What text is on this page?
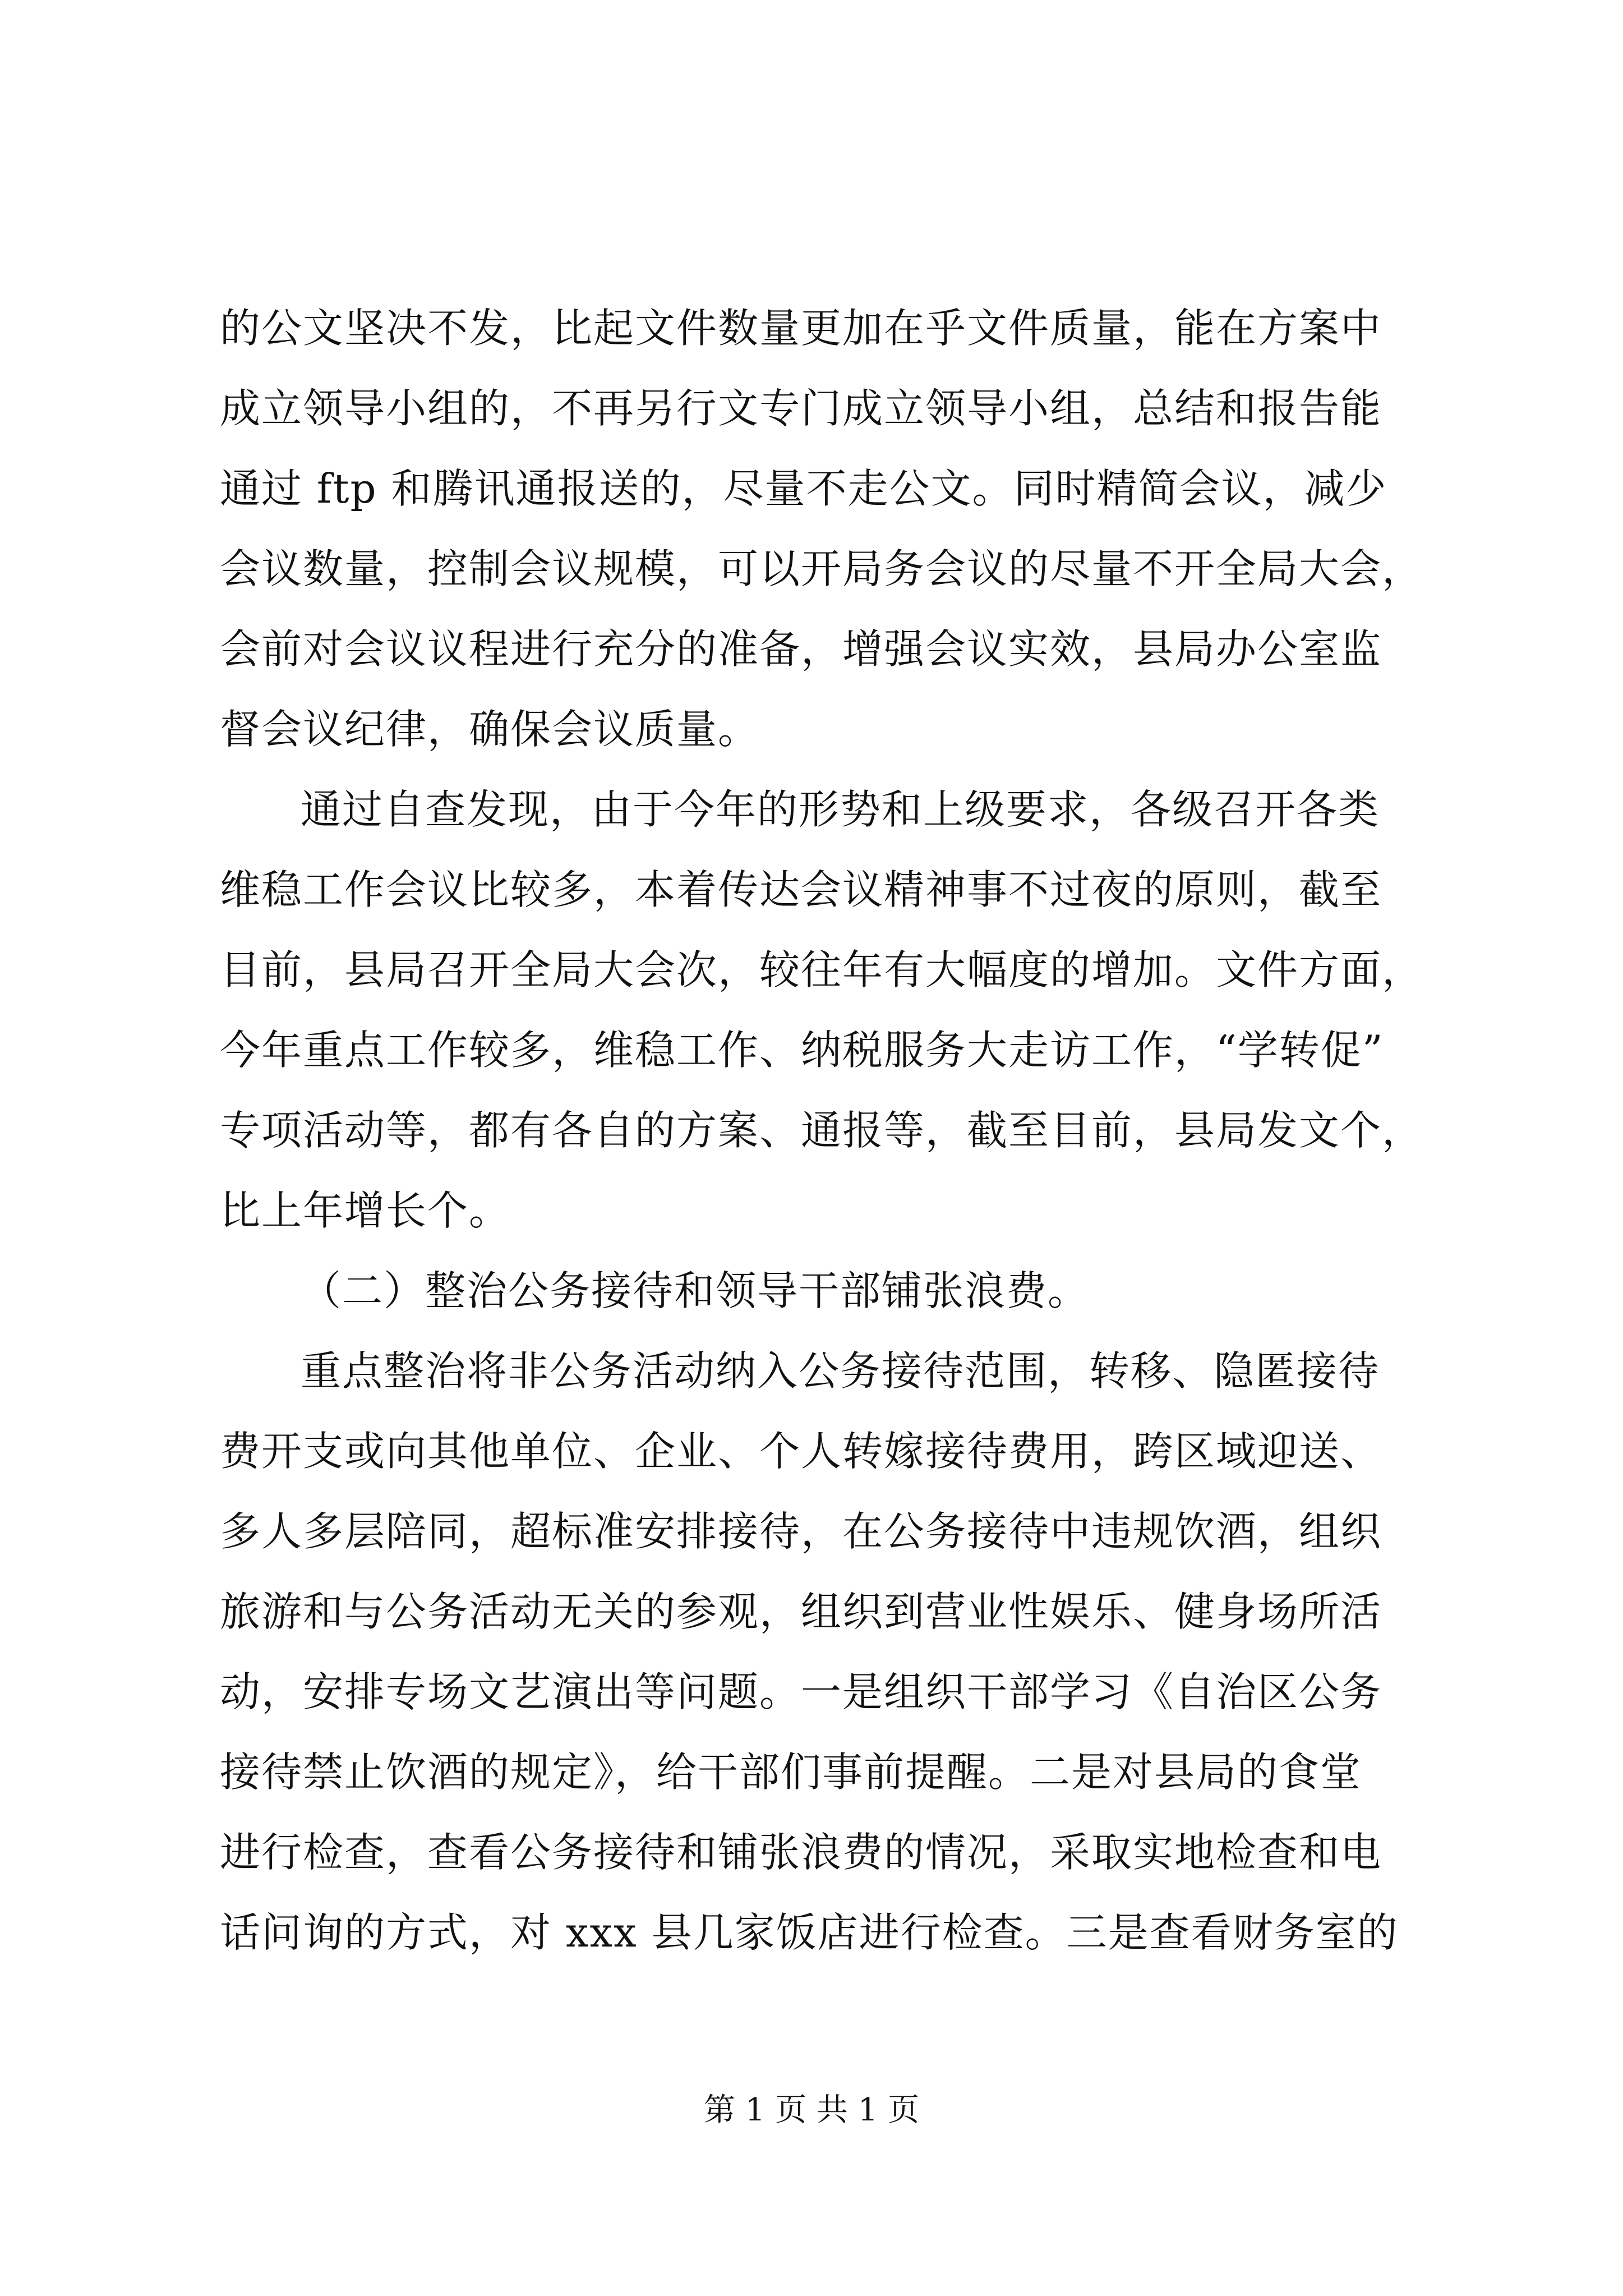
的公文坚决不发，比起文件数量更加在乎文件质量，能在方案中
成立领导小组的，不再另行文专门成立领导小组，总结和报告能
通过 ftp 和腾讯通报送的，尽量不走公文。同时精简会议，减少
会议数量，控制会议规模，可以开局务会议的尽量不开全局大会，
会前对会议议程进行充分的准备，增强会议实效，县局办公室监
督会议纪律，确保会议质量。
通过自查发现，由于今年的形势和上级要求，各级召开各类
维稳工作会议比较多，本着传达会议精神事不过夜的原则，截至
目前，县局召开全局大会次，较往年有大幅度的增加。文件方面，
今年重点工作较多，维稳工作、纳税服务大走访工作，“学转促”
专项活动等，都有各自的方案、通报等，截至目前，县局发文个，
比上年增长个。
（二）整治公务接待和领导干部铺张浪费。
重点整治将非公务活动纳入公务接待范围，转移、隐匿接待
费开支或向其他单位、企业、个人转嫁接待费用，跨区域迎送、
多人多层陪同，超标准安排接待，在公务接待中违规饮酒，组织
旅游和与公务活动无关的参观，组织到营业性娱乐、健身场所活
动，安排专场文艺演出等问题。一是组织干部学习《自治区公务
接待禁止饮酒的规定》，给干部们事前提醒。二是对县局的食堂
进行检查，查看公务接待和铺张浪费的情况，采取实地检查和电
话问询的方式，对 xxx 县几家饭店进行检查。三是查看财务室的
第 1 页 共 1 页
